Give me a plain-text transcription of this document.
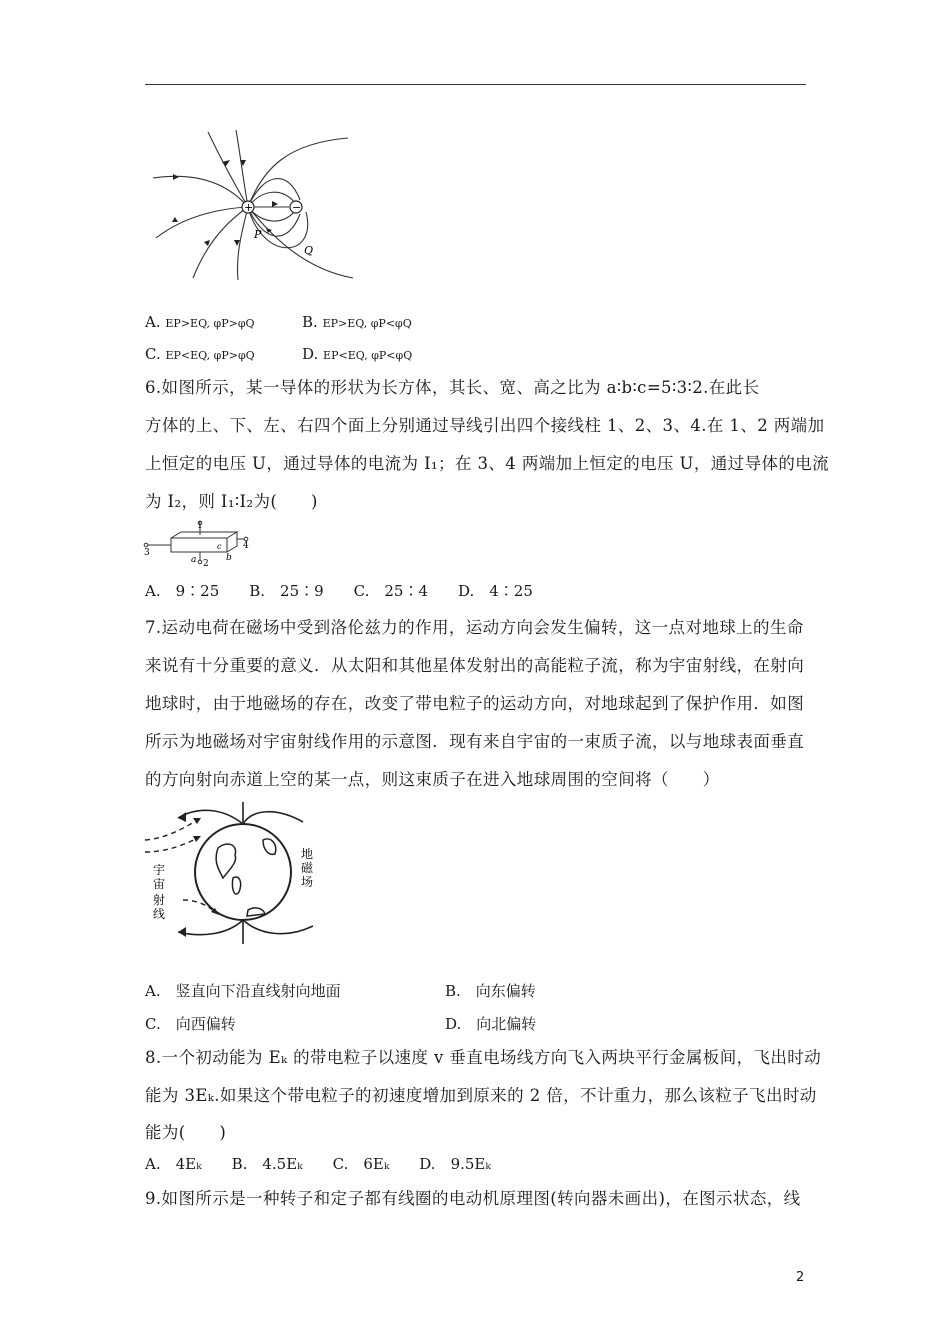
+	−
P
Q
A. EP>EQ, φP>φQ	B. EP>EQ, φP<φQ
C. EP<EQ, φP>φQ	D. EP<EQ, φP<φQ
6.如图所示，某一导体的形状为长方体，其长、宽、高之比为 a∶b∶c=5∶3∶2.在此长
方体的上、下、左、右四个面上分别通过导线引出四个接线柱 1、2、3、4.在 1、2 两端加
上恒定的电压 U，通过导体的电流为 I₁；在 3、4 两端加上恒定的电压 U，通过导体的电流
为 I₂，则 I₁∶I₂为(　　)
1
2
3
4
a	b
c
A.　9∶25　　B.　25∶9　　C.　25∶4　　D.　4∶25
7.运动电荷在磁场中受到洛伦兹力的作用，运动方向会发生偏转，这一点对地球上的生命
来说有十分重要的意义．从太阳和其他星体发射出的高能粒子流，称为宇宙射线，在射向
地球时，由于地磁场的存在，改变了带电粒子的运动方向，对地球起到了保护作用．如图
所示为地磁场对宇宙射线作用的示意图．现有来自宇宙的一束质子流，以与地球表面垂直
的方向射向赤道上空的某一点，则这束质子在进入地球周围的空间将（　　）
宇
宙
射
线
地
磁
场
A.　竖直向下沿直线射向地面	B.　向东偏转
C.　向西偏转	D.　向北偏转
8.一个初动能为 Eₖ 的带电粒子以速度 v 垂直电场线方向飞入两块平行金属板间，飞出时动
能为 3Eₖ.如果这个带电粒子的初速度增加到原来的 2 倍，不计重力，那么该粒子飞出时动
能为(　　)
A.　4Eₖ　　B.　4.5Eₖ　　C.　6Eₖ　　D.　9.5Eₖ
9.如图所示是一种转子和定子都有线圈的电动机原理图(转向器未画出)，在图示状态，线
2
